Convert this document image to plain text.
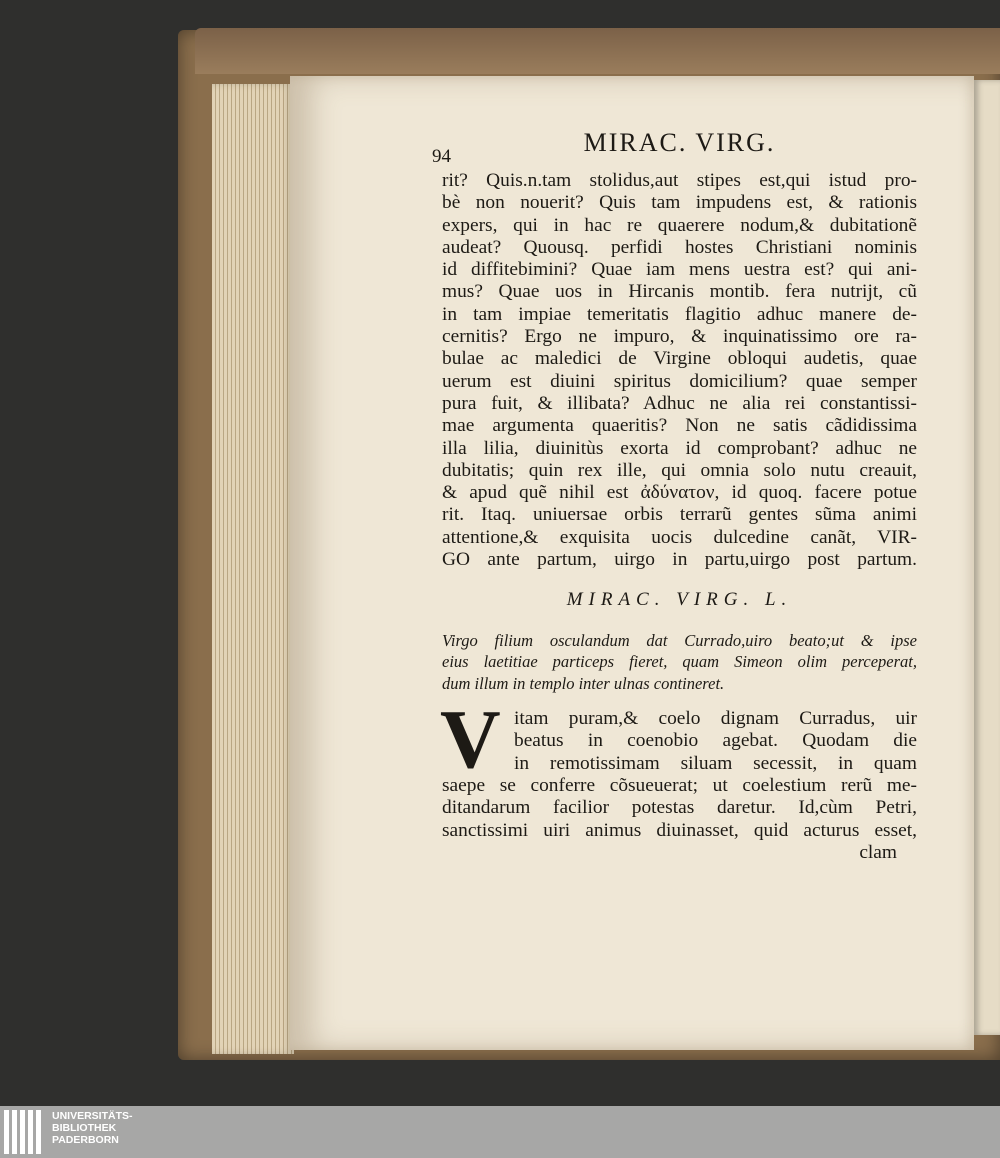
94	MIRAC. VIRG.
rit? Quis.n.tam stolidus,aut stipes est,qui istud pro-
bè non nouerit? Quis tam impudens est, & rationis
expers, qui in hac re quaerere nodum,& dubitationẽ
audeat? Quousq. perfidi hostes Christiani nominis
id diffitebimini? Quae iam mens uestra est? qui ani-
mus? Quae uos in Hircanis montib. fera nutrijt, cũ
in tam impiae temeritatis flagitio adhuc manere de-
cernitis? Ergo ne impuro, & inquinatissimo ore ra-
bulae ac maledici de Virgine obloqui audetis, quae
uerum est diuini spiritus domicilium? quae semper
pura fuit, & illibata? Adhuc ne alia rei constantissi-
mae argumenta quaeritis? Non ne satis cãdidissima
illa lilia, diuinitùs exorta id comprobant? adhuc ne
dubitatis; quin rex ille, qui omnia solo nutu creauit,
& apud quẽ nihil est ἀδύνατον, id quoq. facere potue
rit. Itaq. uniuersae orbis terrarũ gentes sũma animi
attentione,& exquisita uocis dulcedine canãt, VIR-
GO ante partum, uirgo in partu,uirgo post partum.
MIRAC. VIRG. L.
Virgo filium osculandum dat Currado,uiro beato;ut & ipse
eius laetitiae particeps fieret, quam Simeon olim perceperat,
dum illum in templo inter ulnas contineret.
V itam puram,& coelo dignam Curradus, uir
beatus in coenobio agebat. Quodam die
in remotissimam siluam secessit, in quam
saepe se conferre cõsueuerat; ut coelestium rerũ me-
ditandarum facilior potestas daretur. Id,cùm Petri,
sanctissimi uiri animus diuinasset, quid acturus esset,
clam
UNIVERSITÄTS-
BIBLIOTHEK
PADERBORN
